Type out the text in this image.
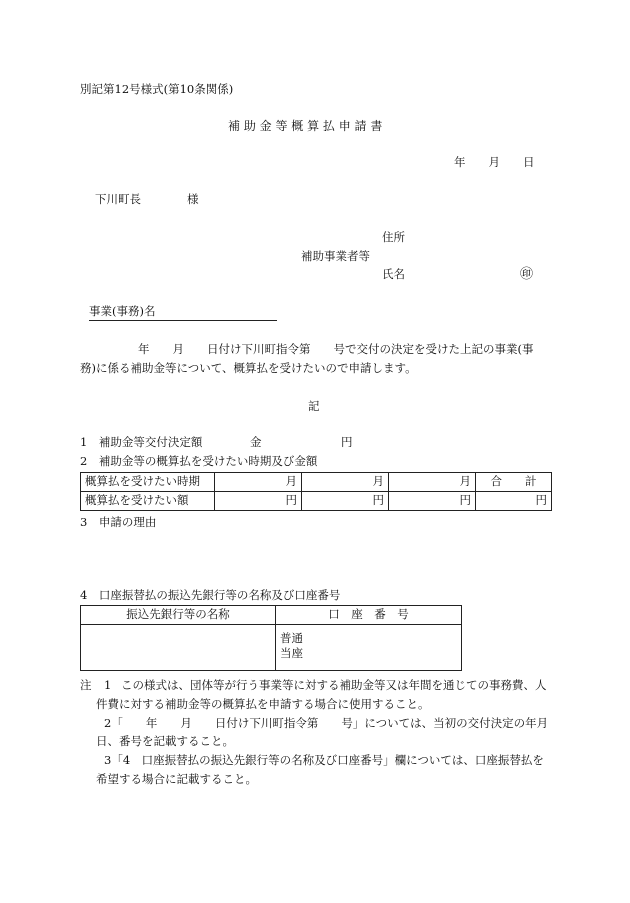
別記第12号様式(第10条関係)
補 助 金 等 概 算 払 申 請 書
年　　月　　日
下川町長　　　　様
住所
補助事業者等
氏名	㊞
事業(事務)名
年　　月　　日付け下川町指令第　　号で交付の決定を受けた上記の事業(事
務)に係る補助金等について、概算払を受けたいので申請します。
記
1　補助金等交付決定額	金	円
2　補助金等の概算払を受けたい時期及び金額
概算払を受けたい時期	月	月	月	合　　計
概算払を受けたい額	円	円	円	円
3　申請の理由
4　口座振替払の振込先銀行等の名称及び口座番号
振込先銀行等の名称	口　座　番　号

	普通
当座
注 1 この様式は、団体等が行う事業等に対する補助金等又は年間を通じての事務費、人
件費に対する補助金等の概算払を申請する場合に使用すること。
2「　　年　　月　　日付け下川町指令第　　号」については、当初の交付決定の年月
日、番号を記載すること。
3「4　口座振替払の振込先銀行等の名称及び口座番号」欄については、口座振替払を
希望する場合に記載すること。
